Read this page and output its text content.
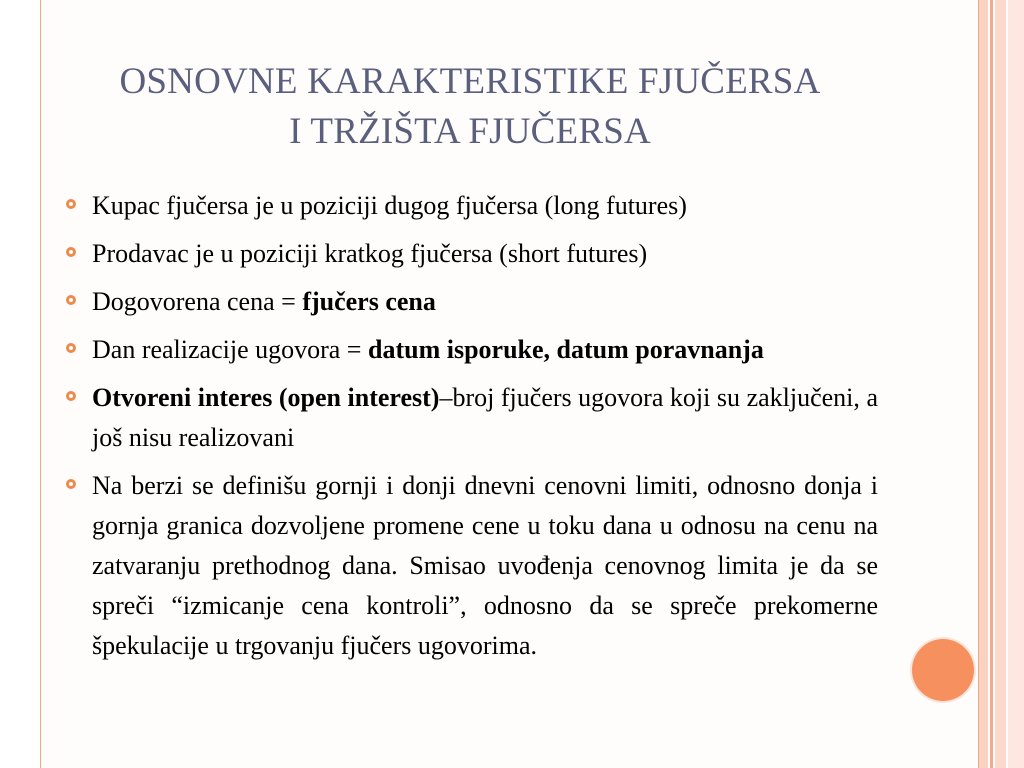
OSNOVNE KARAKTERISTIKE FJUČERSA
I TRŽIŠTA FJUČERSA
Kupac fjučersa je u poziciji dugog fjučersa (long futures)
Prodavac je u poziciji kratkog fjučersa (short futures)
Dogovorena cena = fjučers cena
Dan realizacije ugovora = datum isporuke, datum poravnanja
Otvoreni interes (open interest)–broj fjučers ugovora koji su zaključeni, a još nisu realizovani
Na berzi se definišu gornji i donji dnevni cenovni limiti, odnosno donja i gornja granica dozvoljene promene cene u toku dana u odnosu na cenu na zatvaranju prethodnog dana. Smisao uvođenja cenovnog limita je da se spreči “izmicanje cena kontroli”, odnosno da se spreče prekomerne špekulacije u trgovanju fjučers ugovorima.
